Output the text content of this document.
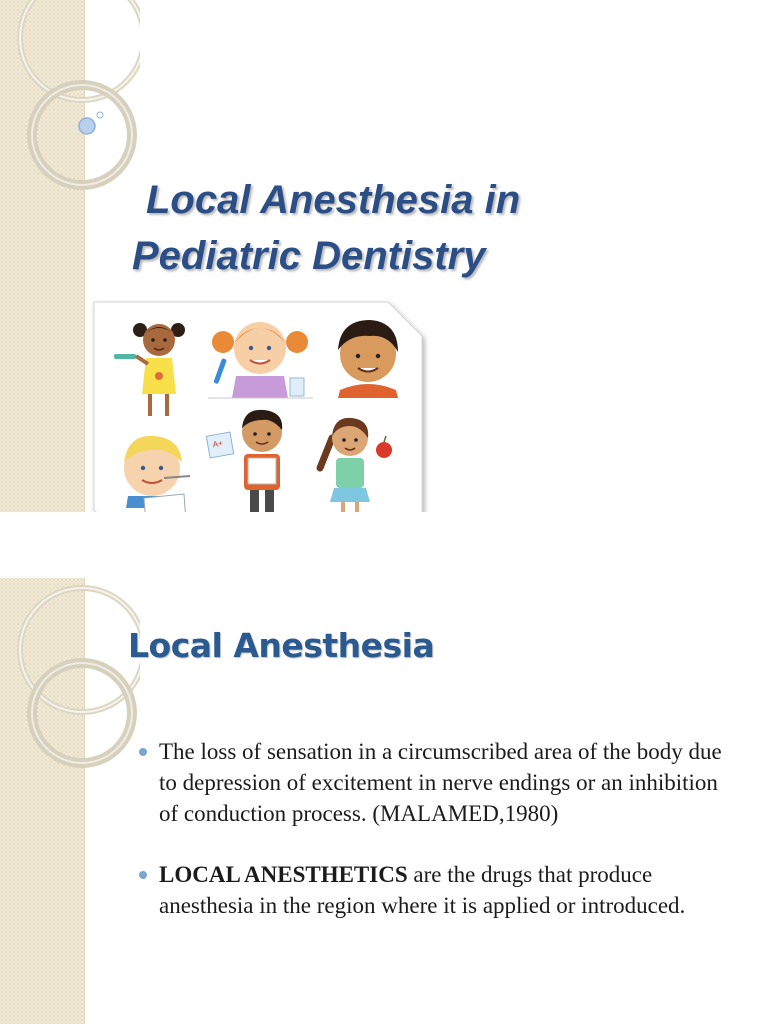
Local Anesthesia in
Pediatric Dentistry
A+
Local Anesthesia
The loss of sensation in a circumscribed area of the body due to depression of excitement in nerve endings or an inhibition of conduction process. (MALAMED,1980)
LOCAL ANESTHETICS are the drugs that produce anesthesia in the region where it is applied or introduced.
